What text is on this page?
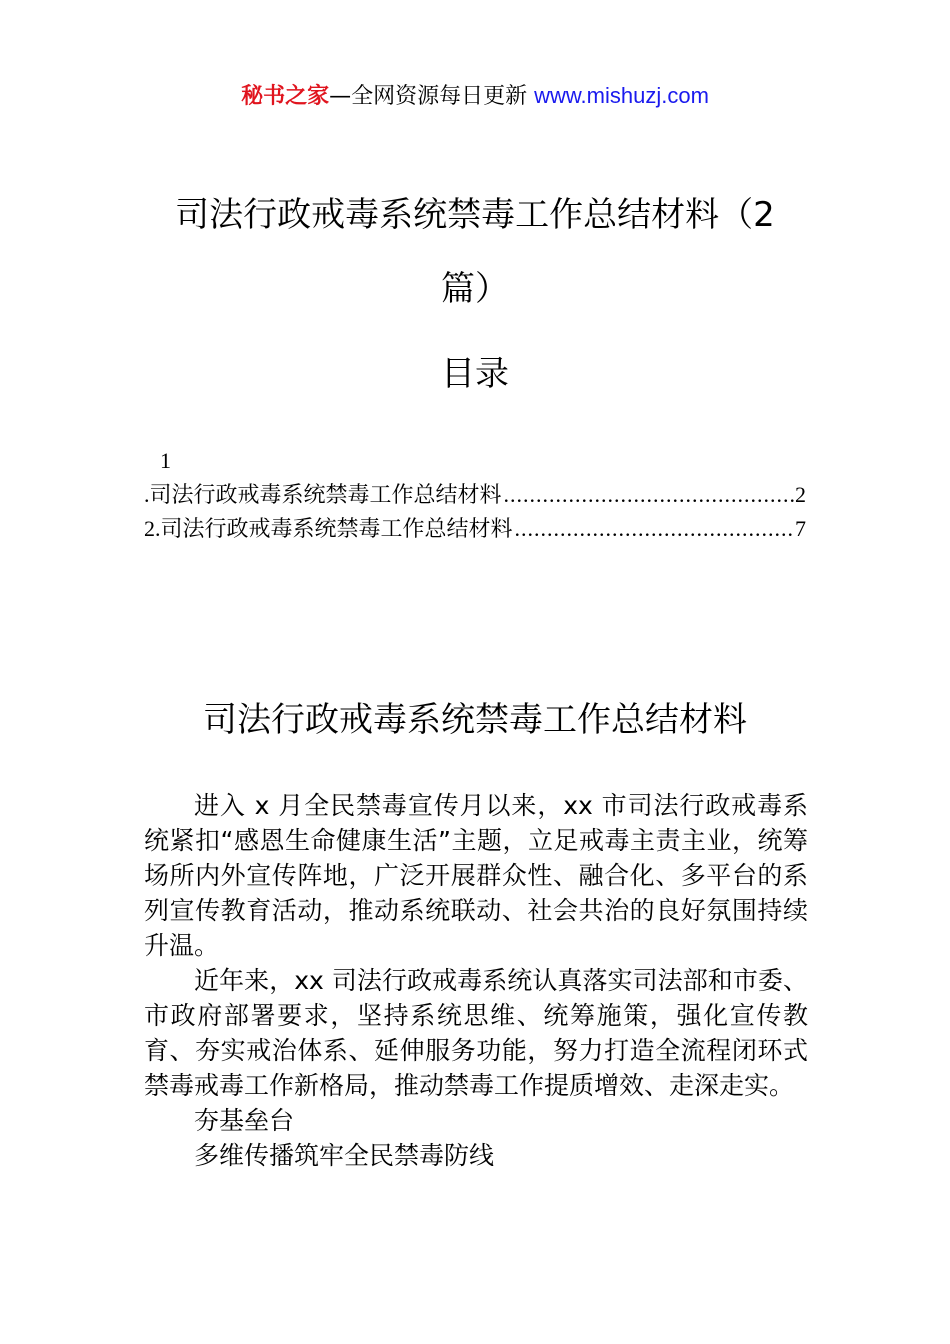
秘书之家—全网资源每日更新 www.mishuzj.com
司法行政戒毒系统禁毒工作总结材料（2篇）
目录
1
.司法行政戒毒系统禁毒工作总结材料 .....	2
2.司法行政戒毒系统禁毒工作总结材料 .....	7
司法行政戒毒系统禁毒工作总结材料

进入 x 月全民禁毒宣传月以来，xx 市司法行政戒毒系统紧扣“感恩生命健康生活”主题，立足戒毒主责主业，统筹场所内外宣传阵地，广泛开展群众性、融合化、多平台的系列宣传教育活动，推动系统联动、社会共治的良好氛围持续升温。

近年来，xx 司法行政戒毒系统认真落实司法部和市委、市政府部署要求，坚持系统思维、统筹施策，强化宣传教育、夯实戒治体系、延伸服务功能，努力打造全流程闭环式禁毒戒毒工作新格局，推动禁毒工作提质增效、走深走实。

夯基垒台

多维传播筑牢全民禁毒防线
